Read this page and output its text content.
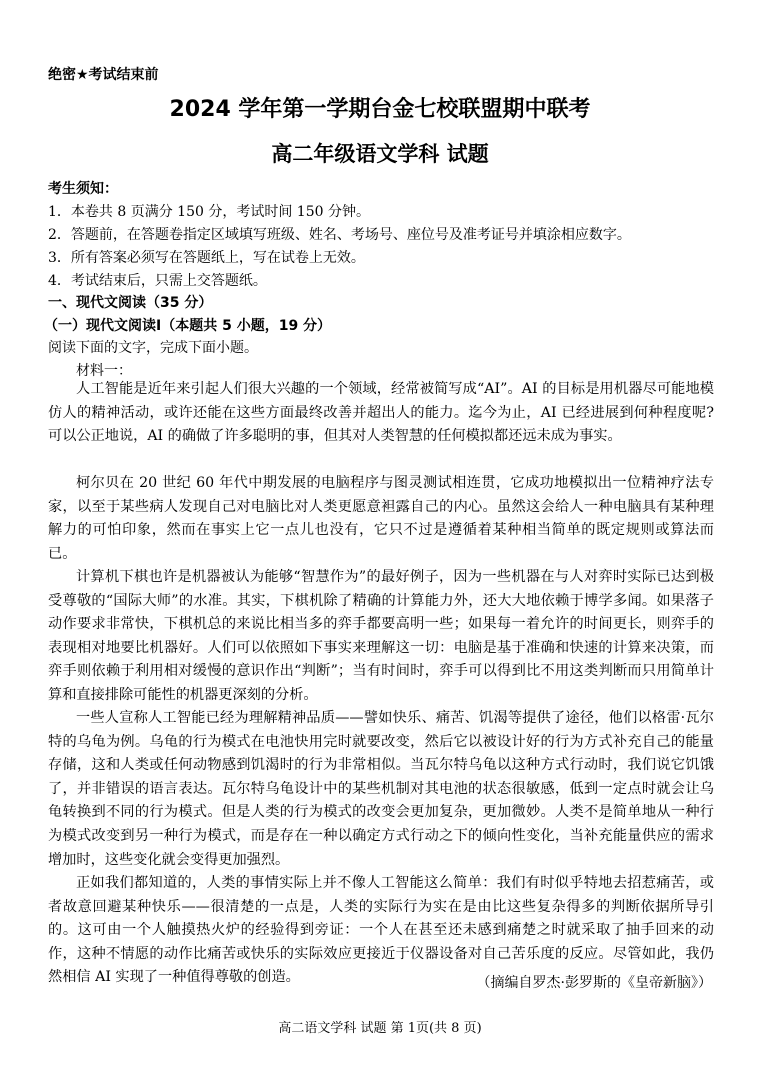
绝密★考试结束前
2024 学年第一学期台金七校联盟期中联考
高二年级语文学科 试题
考生须知：
1．本卷共 8 页满分 150 分，考试时间 150 分钟。
2．答题前，在答题卷指定区域填写班级、姓名、考场号、座位号及准考证号并填涂相应数字。
3．所有答案必须写在答题纸上，写在试卷上无效。
4．考试结束后，只需上交答题纸。
一、现代文阅读（35 分）
（一）现代文阅读Ⅰ（本题共 5 小题，19 分）
阅读下面的文字，完成下面小题。
材料一：

人工智能是近年来引起人们很大兴趣的一个领域，经常被简写成“AI”。AI 的目标是用机器尽可能地模仿人的精神活动，或许还能在这些方面最终改善并超出人的能力。迄今为止，AI 已经进展到何种程度呢?可以公正地说，AI 的确做了许多聪明的事，但其对人类智慧的任何模拟都还远未成为事实。

柯尔贝在 20 世纪 60 年代中期发展的电脑程序与图灵测试相连贯，它成功地模拟出一位精神疗法专家，以至于某些病人发现自己对电脑比对人类更愿意袒露自己的内心。虽然这会给人一种电脑具有某种理解力的可怕印象，然而在事实上它一点儿也没有，它只不过是遵循着某种相当简单的既定规则或算法而已。

计算机下棋也许是机器被认为能够“智慧作为”的最好例子，因为一些机器在与人对弈时实际已达到极受尊敬的“国际大师”的水准。其实，下棋机除了精确的计算能力外，还大大地依赖于博学多闻。如果落子动作要求非常快，下棋机总的来说比相当多的弈手都要高明一些；如果每一着允许的时间更长，则弈手的表现相对地要比机器好。人们可以依照如下事实来理解这一切：电脑是基于准确和快速的计算来决策，而弈手则依赖于利用相对缓慢的意识作出“判断”；当有时间时，弈手可以得到比不用这类判断而只用简单计算和直接排除可能性的机器更深刻的分析。

一些人宣称人工智能已经为理解精神品质——譬如快乐、痛苦、饥渴等提供了途径，他们以格雷·瓦尔特的乌龟为例。乌龟的行为模式在电池快用完时就要改变，然后它以被设计好的行为方式补充自己的能量存储，这和人类或任何动物感到饥渴时的行为非常相似。当瓦尔特乌龟以这种方式行动时，我们说它饥饿了，并非错误的语言表达。瓦尔特乌龟设计中的某些机制对其电池的状态很敏感，低到一定点时就会让乌龟转换到不同的行为模式。但是人类的行为模式的改变会更加复杂，更加微妙。人类不是简单地从一种行为模式改变到另一种行为模式，而是存在一种以确定方式行动之下的倾向性变化，当补充能量供应的需求增加时，这些变化就会变得更加强烈。

正如我们都知道的，人类的事情实际上并不像人工智能这么简单：我们有时似乎特地去招惹痛苦，或者故意回避某种快乐——很清楚的一点是，人类的实际行为实在是由比这些复杂得多的判断依据所导引的。这可由一个人触摸热火炉的经验得到旁证：一个人在甚至还未感到痛楚之时就采取了抽手回来的动作，这种不情愿的动作比痛苦或快乐的实际效应更接近于仪器设备对自己苦乐度的反应。尽管如此，我仍然相信 AI 实现了一种值得尊敬的创造。	（摘编自罗杰·彭罗斯的《皇帝新脑》）
高二语文学科 试题 第 1页(共 8 页)
